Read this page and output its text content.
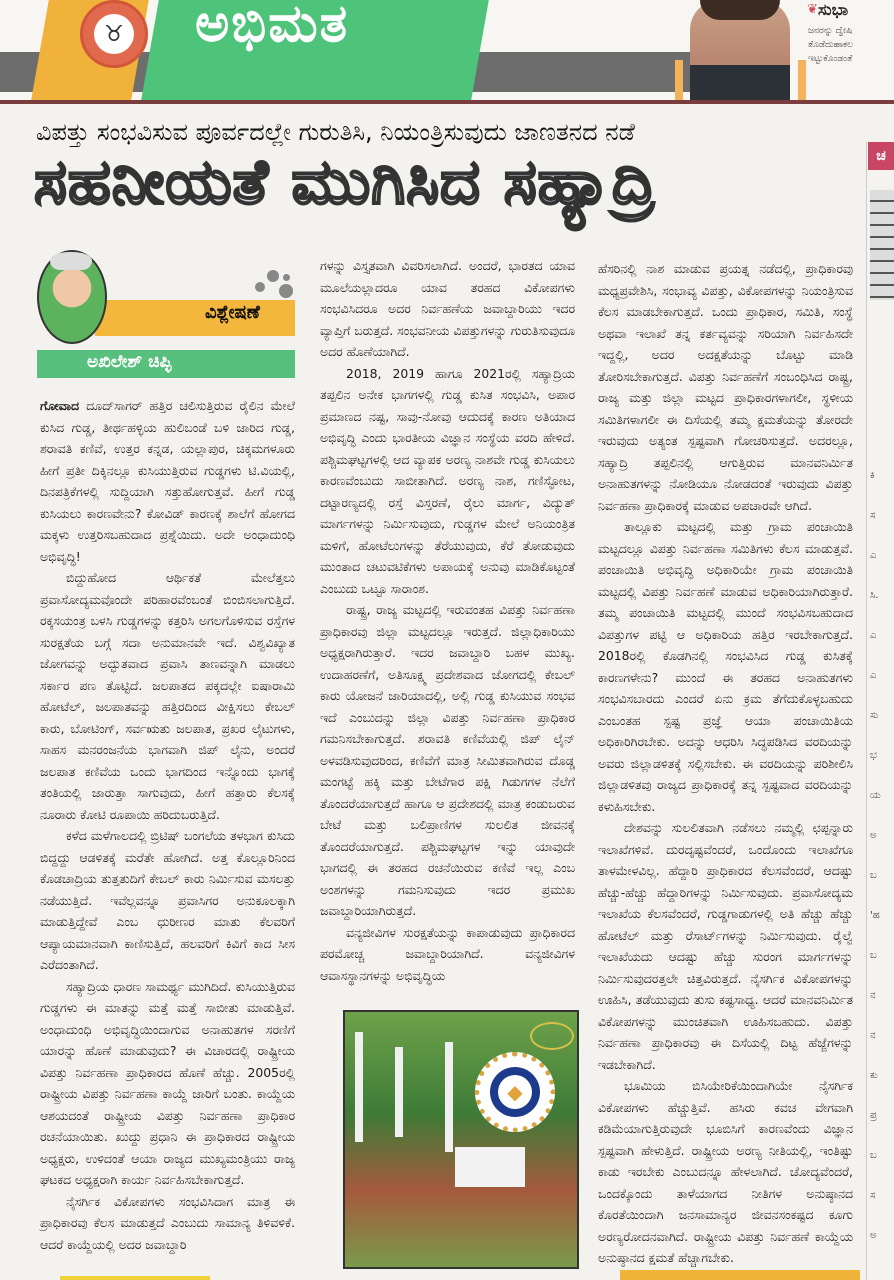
♉ ಅಭಿಮತ	❦ ಸುಭಾ
ಜನರನ್ನು ದ್ವೇಷಿ
ತೊಡೆದುಹಾಕಲ
ಇಟ್ಟುಕೊಂಡಂತೆ
ವಿಪತ್ತು ಸಂಭವಿಸುವ ಪೂರ್ವದಲ್ಲೇ ಗುರುತಿಸಿ, ನಿಯಂತ್ರಿಸುವುದು ಜಾಣತನದ ನಡೆ
ಸಹನೀಯತೆ ಮುಗಿಸಿದ ಸಹ್ಯಾದ್ರಿ
ವಿಶ್ಲೇಷಣೆ
ಅಖಿಲೇಶ್ ಚಿಪ್ಳಿ

ಗೋವಾದ ದೂದ್‌ಸಾಗರ್ ಹತ್ತಿರ ಚಲಿಸುತ್ತಿರುವ ರೈಲಿನ ಮೇಲೆ ಕುಸಿದ ಗುಡ್ಡ, ತೀರ್ಥಹಳ್ಳಿಯ ಹುಲಿಬಂಡೆ ಬಳಿ ಜಾರಿದ ಗುಡ್ಡ, ಶರಾವತಿ ಕಣಿವೆ, ಉತ್ತರ ಕನ್ನಡ, ಯಲ್ಲಾಪುರ, ಚಿಕ್ಕಮಗಳೂರು ಹೀಗೆ ಪ್ರತೀ ದಿಕ್ಕಿನಲ್ಲೂ ಕುಸಿಯುತ್ತಿರುವ ಗುಡ್ಡಗಳು ಟಿ.ವಿಯಲ್ಲಿ, ದಿನಪತ್ರಿಕೆಗಳಲ್ಲಿ ಸುದ್ದಿಯಾಗಿ ಸತ್ತುಹೋಗುತ್ತವೆ. ಹೀಗೆ ಗುಡ್ಡ ಕುಸಿಯಲು ಕಾರಣವೇನು? ಕೋವಿಡ್ ಕಾರಣಕ್ಕೆ ಶಾಲೆಗೆ ಹೋಗದ ಮಕ್ಕಳು ಉತ್ತರಿಸಬಹುದಾದ ಪ್ರಶ್ನೆಯಿದು. ಅದೇ ಅಂಧಾದುಂಧಿ ಅಭಿವೃದ್ಧಿ!

ಬಿದ್ದುಹೋದ ಆರ್ಥಿಕತೆ ಮೇಲೆತ್ತಲು ಪ್ರವಾಸೋದ್ಯಮವೊಂದೇ ಪರಿಹಾರವೆಂಬಂತೆ ಬಿಂಬಿಸಲಾಗುತ್ತಿದೆ. ರಕ್ಕಸಯಂತ್ರ ಬಳಸಿ ಗುಡ್ಡಗಳನ್ನು ಕತ್ತರಿಸಿ ಅಗಲಗೊಳಿಸುವ ರಸ್ತೆಗಳ ಸುರಕ್ಷತೆಯ ಬಗ್ಗೆ ಸದಾ ಅನುಮಾನವೇ ಇದೆ. ವಿಶ್ವವಿಖ್ಯಾತ ಜೋಗವನ್ನು ಅದ್ಭುತವಾದ ಪ್ರವಾಸಿ ತಾಣವನ್ನಾಗಿ ಮಾಡಲು ಸರ್ಕಾರ ಪಣ ತೊಟ್ಟಿದೆ. ಜಲಪಾತದ ಪಕ್ಕದಲ್ಲೇ ಐಷಾರಾಮಿ ಹೋಟೆಲ್, ಜಲಪಾತವನ್ನು ಹತ್ತಿರದಿಂದ ವೀಕ್ಷಿಸಲು ಕೇಬಲ್ ಕಾರು, ಬೋಟಿಂಗ್, ಸರ್ವಋತು ಜಲಪಾತ, ಪ್ರಖರ ಲೈಟುಗಳು, ಸಾಹಸ ಮನರಂಜನೆಯ ಭಾಗವಾಗಿ ಜಿಪ್ ಲೈನು, ಅಂದರೆ ಜಲಪಾತ ಕಣಿವೆಯ ಒಂದು ಭಾಗದಿಂದ ಇನ್ನೊಂದು ಭಾಗಕ್ಕೆ ತಂತಿಯಲ್ಲಿ ಜಾರುತ್ತಾ ಸಾಗುವುದು, ಹೀಗೆ ಹತ್ತಾರು ಕೆಲಸಕ್ಕೆ ನೂರಾರು ಕೋಟಿ ರೂಪಾಯಿ ಹರಿದುಬರುತ್ತಿದೆ.

ಕಳೆದ ಮಳೆಗಾಲದಲ್ಲಿ ಬ್ರಿಟಿಷ್ ಬಂಗಲೆಯ ತಳಭಾಗ ಕುಸಿದು ಬಿದ್ದದ್ದು ಆಡಳಿತಕ್ಕೆ ಮರೆತೇ ಹೋಗಿದೆ. ಅತ್ತ ಕೊಲ್ಲೂರಿನಿಂದ ಕೊಡಚಾದ್ರಿಯ ತುತ್ತತುದಿಗೆ ಕೇಬಲ್ ಕಾರು ನಿರ್ಮಿಸುವ ಮಸಲತ್ತು ನಡೆಯುತ್ತಿದೆ. ಇವೆಲ್ಲವನ್ನೂ ಪ್ರವಾಸಿಗರ ಅನುಕೂಲಕ್ಕಾಗಿ ಮಾಡುತ್ತಿದ್ದೇವೆ ಎಂಬ ಧುರೀಣರ ಮಾತು ಕೆಲವರಿಗೆ ಆಪ್ಯಾಯಮಾನವಾಗಿ ಕಾಣಿಸುತ್ತಿದೆ, ಹಲವರಿಗೆ ಕಿವಿಗೆ ಕಾದ ಸೀಸ ಎರೆದಂತಾಗಿದೆ.

ಸಹ್ಯಾದ್ರಿಯ ಧಾರಣ ಸಾಮರ್ಥ್ಯ ಮುಗಿದಿದೆ. ಕುಸಿಯುತ್ತಿರುವ ಗುಡ್ಡಗಳು ಈ ಮಾತನ್ನು ಮತ್ತೆ ಮತ್ತೆ ಸಾಬೀತು ಮಾಡುತ್ತಿವೆ. ಅಂಧಾದುಂಧಿ ಅಭಿವೃದ್ಧಿಯಿಂದಾಗುವ ಅನಾಹುತಗಳ ಸರಣಿಗೆ ಯಾರನ್ನು ಹೊಣೆ ಮಾಡುವುದು? ಈ ವಿಚಾರದಲ್ಲಿ ರಾಷ್ಟ್ರೀಯ ವಿಪತ್ತು ನಿರ್ವಹಣಾ ಪ್ರಾಧಿಕಾರದ ಹೊಣೆ ಹೆಚ್ಚು. 2005ರಲ್ಲಿ ರಾಷ್ಟ್ರೀಯ ವಿಪತ್ತು ನಿರ್ವಹಣಾ ಕಾಯ್ದೆ ಜಾರಿಗೆ ಬಂತು. ಕಾಯ್ದೆಯ ಆಶಯದಂತೆ ರಾಷ್ಟ್ರೀಯ ವಿಪತ್ತು ನಿರ್ವಹಣಾ ಪ್ರಾಧಿಕಾರ ರಚನೆಯಾಯಿತು. ಖುದ್ದು ಪ್ರಧಾನಿ ಈ ಪ್ರಾಧಿಕಾರದ ರಾಷ್ಟ್ರೀಯ ಅಧ್ಯಕ್ಷರು, ಉಳಿದಂತೆ ಆಯಾ ರಾಜ್ಯದ ಮುಖ್ಯಮಂತ್ರಿಯು ರಾಜ್ಯ ಘಟಕದ ಅಧ್ಯಕ್ಷರಾಗಿ ಕಾರ್ಯ ನಿರ್ವಹಿಸಬೇಕಾಗುತ್ತದೆ.

ನೈಸರ್ಗಿಕ ವಿಕೋಪಗಳು ಸಂಭವಿಸಿದಾಗ ಮಾತ್ರ ಈ ಪ್ರಾಧಿಕಾರವು ಕೆಲಸ ಮಾಡುತ್ತದೆ ಎಂಬುದು ಸಾಮಾನ್ಯ ತಿಳಿವಳಿಕೆ. ಆದರೆ ಕಾಯ್ದೆಯಲ್ಲಿ ಅದರ ಜವಾಬ್ದಾರಿ

ಗಳನ್ನು ವಿಸ್ತೃತವಾಗಿ ವಿವರಿಸಲಾಗಿದೆ. ಅಂದರೆ, ಭಾರತದ ಯಾವ ಮೂಲೆಯಲ್ಲಾದರೂ ಯಾವ ತರಹದ ವಿಕೋಪಗಳು ಸಂಭವಿಸಿದರೂ ಅದರ ನಿರ್ವಹಣೆಯ ಜವಾಬ್ದಾರಿಯು ಇದರ ವ್ಯಾಪ್ತಿಗೆ ಬರುತ್ತದೆ. ಸಂಭವನೀಯ ವಿಪತ್ತುಗಳನ್ನು ಗುರುತಿಸುವುದೂ ಅದರ ಹೊಣೆಯಾಗಿದೆ.

2018, 2019 ಹಾಗೂ 2021ರಲ್ಲಿ ಸಹ್ಯಾದ್ರಿಯ ತಪ್ಪಲಿನ ಅನೇಕ ಭಾಗಗಳಲ್ಲಿ ಗುಡ್ಡ ಕುಸಿತ ಸಂಭವಿಸಿ, ಅಪಾರ ಪ್ರಮಾಣದ ನಷ್ಟ, ಸಾವು-ನೋವು ಆದುದಕ್ಕೆ ಕಾರಣ ಅತಿಯಾದ ಅಭಿವೃದ್ಧಿ ಎಂದು ಭಾರತೀಯ ವಿಜ್ಞಾನ ಸಂಸ್ಥೆಯ ವರದಿ ಹೇಳಿದೆ. ಪಶ್ಚಿಮಘಟ್ಟಗಳಲ್ಲಿ ಆದ ವ್ಯಾಪಕ ಅರಣ್ಯ ನಾಶವೇ ಗುಡ್ಡ ಕುಸಿಯಲು ಕಾರಣವೆಂಬುದು ಸಾಬೀತಾಗಿದೆ. ಅರಣ್ಯ ನಾಶ, ಗಣಿಸ್ಫೋಟ, ದಟ್ಟಾರಣ್ಯದಲ್ಲಿ ರಸ್ತೆ ವಿಸ್ತರಣೆ, ರೈಲು ಮಾರ್ಗ, ವಿದ್ಯುತ್ ಮಾರ್ಗಗಳನ್ನು ನಿರ್ಮಿಸುವುದು, ಗುಡ್ಡಗಳ ಮೇಲೆ ಅನಿಯಂತ್ರಿತ ಮಳಿಗೆ, ಹೋಟೆಲುಗಳನ್ನು ತೆರೆಯುವುದು, ಕೆರೆ ತೋಡುವುದು ಮುಂತಾದ ಚಟುವಟಿಕೆಗಳು ಅಪಾಯಕ್ಕೆ ಅನುವು ಮಾಡಿಕೊಟ್ಟಂತೆ ಎಂಬುದು ಒಟ್ಟೂ ಸಾರಾಂಶ.

ರಾಷ್ಟ್ರ, ರಾಜ್ಯ ಮಟ್ಟದಲ್ಲಿ ಇರುವಂತಹ ವಿಪತ್ತು ನಿರ್ವಹಣಾ ಪ್ರಾಧಿಕಾರವು ಜಿಲ್ಲಾ ಮಟ್ಟದಲ್ಲೂ ಇರುತ್ತದೆ. ಜಿಲ್ಲಾಧಿಕಾರಿಯು ಅಧ್ಯಕ್ಷರಾಗಿರುತ್ತಾರೆ. ಇದರ ಜವಾಬ್ದಾರಿ ಬಹಳ ಮುಖ್ಯ. ಉದಾಹರಣೆಗೆ, ಅತಿಸೂಕ್ಷ್ಮ ಪ್ರದೇಶವಾದ ಜೋಗದಲ್ಲಿ ಕೇಬಲ್ ಕಾರು ಯೋಜನೆ ಜಾರಿಯಾದಲ್ಲಿ, ಅಲ್ಲಿ ಗುಡ್ಡ ಕುಸಿಯುವ ಸಂಭವ ಇದೆ ಎಂಬುದನ್ನು ಜಿಲ್ಲಾ ವಿಪತ್ತು ನಿರ್ವಹಣಾ ಪ್ರಾಧಿಕಾರ ಗಮನಿಸಬೇಕಾಗುತ್ತದೆ. ಶರಾವತಿ ಕಣಿವೆಯಲ್ಲಿ ಜಿಪ್ ಲೈನ್ ಅಳವಡಿಸುವುದರಿಂದ, ಕಣಿವೆಗೆ ಮಾತ್ರ ಸೀಮಿತವಾಗಿರುವ ದೊಡ್ಡ ಮಂಗಟ್ಟೆ ಹಕ್ಕಿ ಮತ್ತು ಬೇಟೆಗಾರ ಪಕ್ಷಿ ಗಿಡುಗಗಳ ನೆಲೆಗೆ ತೊಂದರೆಯಾಗುತ್ತದೆ ಹಾಗೂ ಆ ಪ್ರದೇಶದಲ್ಲಿ ಮಾತ್ರ ಕಂಡುಬರುವ ಬೇಟೆ ಮತ್ತು ಬಲಿಪ್ರಾಣಿಗಳ ಸುಲಲಿತ ಜೀವನಕ್ಕೆ ತೊಂದರೆಯಾಗುತ್ತದೆ. ಪಶ್ಚಿಮಘಟ್ಟಗಳ ಇನ್ನು ಯಾವುದೇ ಭಾಗದಲ್ಲಿ ಈ ತರಹದ ರಚನೆಯಿರುವ ಕಣಿವೆ ಇಲ್ಲ ಎಂಬ ಅಂಶಗಳನ್ನು ಗಮನಿಸುವುದು ಇದರ ಪ್ರಮುಖ ಜವಾಬ್ದಾರಿಯಾಗಿರುತ್ತದೆ.

ವನ್ಯಜೀವಿಗಳ ಸುರಕ್ಷತೆಯನ್ನು ಕಾಪಾಡುವುದು ಪ್ರಾಧಿಕಾರದ ಪರಮೋಚ್ಚ ಜವಾಬ್ದಾರಿಯಾಗಿದೆ. ವನ್ಯಜೀವಿಗಳ ಆವಾಸಸ್ಥಾನಗಳನ್ನು ಅಭಿವೃದ್ಧಿಯ

◆

ಹೆಸರಿನಲ್ಲಿ ನಾಶ ಮಾಡುವ ಪ್ರಯತ್ನ ನಡೆದಲ್ಲಿ, ಪ್ರಾಧಿಕಾರವು ಮಧ್ಯಪ್ರವೇಶಿಸಿ, ಸಂಭಾವ್ಯ ವಿಪತ್ತು, ವಿಕೋಪಗಳನ್ನು ನಿಯಂತ್ರಿಸುವ ಕೆಲಸ ಮಾಡಬೇಕಾಗುತ್ತದೆ. ಒಂದು ಪ್ರಾಧಿಕಾರ, ಸಮಿತಿ, ಸಂಸ್ಥೆ ಅಥವಾ ಇಲಾಖೆ ತನ್ನ ಕರ್ತವ್ಯವನ್ನು ಸರಿಯಾಗಿ ನಿರ್ವಹಿಸದೇ ಇದ್ದಲ್ಲಿ, ಅದರ ಅದಕ್ಷತೆಯನ್ನು ಬೊಟ್ಟು ಮಾಡಿ ತೋರಿಸಬೇಕಾಗುತ್ತದೆ. ವಿಪತ್ತು ನಿರ್ವಹಣೆಗೆ ಸಂಬಂಧಿಸಿದ ರಾಷ್ಟ್ರ, ರಾಜ್ಯ ಮತ್ತು ಜಿಲ್ಲಾ ಮಟ್ಟದ ಪ್ರಾಧಿಕಾರಗಳಾಗಲೀ, ಸ್ಥಳೀಯ ಸಮಿತಿಗಳಾಗಲೀ ಈ ದಿಸೆಯಲ್ಲಿ ತಮ್ಮ ಕ್ಷಮತೆಯನ್ನು ತೋರದೇ ಇರುವುದು ಅತ್ಯಂತ ಸ್ಪಷ್ಟವಾಗಿ ಗೋಚರಿಸುತ್ತದೆ. ಅದರಲ್ಲೂ, ಸಹ್ಯಾದ್ರಿ ತಪ್ಪಲಿನಲ್ಲಿ ಆಗುತ್ತಿರುವ ಮಾನವನಿರ್ಮಿತ ಅನಾಹುತಗಳನ್ನು ನೋಡಿಯೂ ನೋಡದಂತೆ ಇರುವುದು ವಿಪತ್ತು ನಿರ್ವಹಣಾ ಪ್ರಾಧಿಕಾರಕ್ಕೆ ಮಾಡುವ ಅಪಚಾರವೇ ಆಗಿದೆ.

ತಾಲ್ಲೂಕು ಮಟ್ಟದಲ್ಲಿ ಮತ್ತು ಗ್ರಾಮ ಪಂಚಾಯಿತಿ ಮಟ್ಟದಲ್ಲೂ ವಿಪತ್ತು ನಿರ್ವಹಣಾ ಸಮಿತಿಗಳು ಕೆಲಸ ಮಾಡುತ್ತವೆ. ಪಂಚಾಯಿತಿ ಅಭಿವೃದ್ಧಿ ಅಧಿಕಾರಿಯೇ ಗ್ರಾಮ ಪಂಚಾಯಿತಿ ಮಟ್ಟದಲ್ಲಿ ವಿಪತ್ತು ನಿರ್ವಹಣೆ ಮಾಡುವ ಅಧಿಕಾರಿಯಾಗಿರುತ್ತಾರೆ. ತಮ್ಮ ಪಂಚಾಯಿತಿ ಮಟ್ಟದಲ್ಲಿ ಮುಂದೆ ಸಂಭವಿಸಬಹುದಾದ ವಿಪತ್ತುಗಳ ಪಟ್ಟಿ ಆ ಅಧಿಕಾರಿಯ ಹತ್ತಿರ ಇರಬೇಕಾಗುತ್ತದೆ. 2018ರಲ್ಲಿ ಕೊಡಗಿನಲ್ಲಿ ಸಂಭವಿಸಿದ ಗುಡ್ಡ ಕುಸಿತಕ್ಕೆ ಕಾರಣಗಳೇನು? ಮುಂದೆ ಈ ತರಹದ ಅನಾಹುತಗಳು ಸಂಭವಿಸಬಾರದು ಎಂದರೆ ಏನು ಕ್ರಮ ತೆಗೆದುಕೊಳ್ಳಬಹುದು ಎಂಬಂತಹ ಸ್ಪಷ್ಟ ಪ್ರಜ್ಞೆ ಆಯಾ ಪಂಚಾಯಿತಿಯ ಅಧಿಕಾರಿಗಿರಬೇಕು. ಅದನ್ನು ಆಧರಿಸಿ ಸಿದ್ಧಪಡಿಸಿದ ವರದಿಯನ್ನು ಅವರು ಜಿಲ್ಲಾಡಳಿತಕ್ಕೆ ಸಲ್ಲಿಸಬೇಕು. ಈ ವರದಿಯನ್ನು ಪರಿಶೀಲಿಸಿ ಜಿಲ್ಲಾಡಳಿತವು ರಾಜ್ಯದ ಪ್ರಾಧಿಕಾರಕ್ಕೆ ತನ್ನ ಸ್ಪಷ್ಟವಾದ ವರದಿಯನ್ನು ಕಳುಹಿಸಬೇಕು.

ದೇಶವನ್ನು ಸುಲಲಿತವಾಗಿ ನಡೆಸಲು ನಮ್ಮಲ್ಲಿ ಛಪ್ಪನ್ನಾರು ಇಲಾಖೆಗಳಿವೆ. ದುರದೃಷ್ಟವೆಂದರೆ, ಒಂದೊಂದು ಇಲಾಖೆಗೂ ತಾಳಮೇಳವಿಲ್ಲ. ಹೆದ್ದಾರಿ ಪ್ರಾಧಿಕಾರದ ಕೆಲಸವೆಂದರೆ, ಆದಷ್ಟು ಹೆಚ್ಚು-ಹೆಚ್ಚು ಹೆದ್ದಾರಿಗಳನ್ನು ನಿರ್ಮಿಸುವುದು. ಪ್ರವಾಸೋದ್ಯಮ ಇಲಾಖೆಯ ಕೆಲಸವೆಂದರೆ, ಗುಡ್ಡಗಾಡುಗಳಲ್ಲಿ ಅತಿ ಹೆಚ್ಚು ಹೆಚ್ಚು ಹೋಟೆಲ್ ಮತ್ತು ರೆಸಾರ್ಟ್‌ಗಳನ್ನು ನಿರ್ಮಿಸುವುದು. ರೈಲ್ವೆ ಇಲಾಖೆಯದು ಆದಷ್ಟು ಹೆಚ್ಚು ಸುರಂಗ ಮಾರ್ಗಗಳನ್ನು ನಿರ್ಮಿಸುವುದರತ್ತಲೇ ಚಿತ್ತವಿರುತ್ತದೆ. ನೈಸರ್ಗಿಕ ವಿಕೋಪಗಳನ್ನು ಊಹಿಸಿ, ತಡೆಯುವುದು ತುಸು ಕಷ್ಟಸಾಧ್ಯ. ಆದರೆ ಮಾನವನಿರ್ಮಿತ ವಿಕೋಪಗಳನ್ನು ಮುಂಚಿತವಾಗಿ ಊಹಿಸಬಹುದು. ವಿಪತ್ತು ನಿರ್ವಹಣಾ ಪ್ರಾಧಿಕಾರವು ಈ ದಿಸೆಯಲ್ಲಿ ದಿಟ್ಟ ಹೆಜ್ಜೆಗಳನ್ನು ಇಡಬೇಕಾಗಿದೆ.

ಭೂಮಿಯ ಬಿಸಿಯೇರಿಕೆಯಿಂದಾಗಿಯೇ ನೈಸರ್ಗಿಕ ವಿಕೋಪಗಳು ಹೆಚ್ಚುತ್ತಿವೆ. ಹಸಿರು ಕವಚ ವೇಗವಾಗಿ ಕಡಿಮೆಯಾಗುತ್ತಿರುವುದೇ ಭೂಬಿಸಿಗೆ ಕಾರಣವೆಂದು ವಿಜ್ಞಾನ ಸ್ಪಷ್ಟವಾಗಿ ಹೇಳುತ್ತಿದೆ. ರಾಷ್ಟ್ರೀಯ ಅರಣ್ಯ ನೀತಿಯಲ್ಲಿ, ಇಂತಿಷ್ಟು ಕಾಡು ಇರಬೇಕು ಎಂಬುದನ್ನೂ ಹೇಳಲಾಗಿದೆ. ಚೋದ್ಯವೆಂದರೆ, ಒಂದಕ್ಕೊಂದು ತಾಳೆಯಾಗದ ನೀತಿಗಳ ಅನುಷ್ಠಾನದ ಕೊರತೆಯಿಂದಾಗಿ ಜನಸಾಮಾನ್ಯರ ಜೀವನಸಂಕಷ್ಟದ ಕೂಗು ಅರಣ್ಯರೋದನವಾಗಿದೆ. ರಾಷ್ಟ್ರೀಯ ವಿಪತ್ತು ನಿರ್ವಹಣೆ ಕಾಯ್ದೆಯ ಅನುಷ್ಠಾನದ ಕ್ಷಮತೆ ಹೆಚ್ಚಾಗಬೇಕು.

ಚ
ಕಿ
ಸ
ಎ
ಸಿ.
ಎ
ಎ
ಸು
ಭ
ಯ
ಅ
ಬ
'ಹ
ಬ
ನ
ನ
ಕು
ಪ್ರ
ಬ
ಸ
ಅ
